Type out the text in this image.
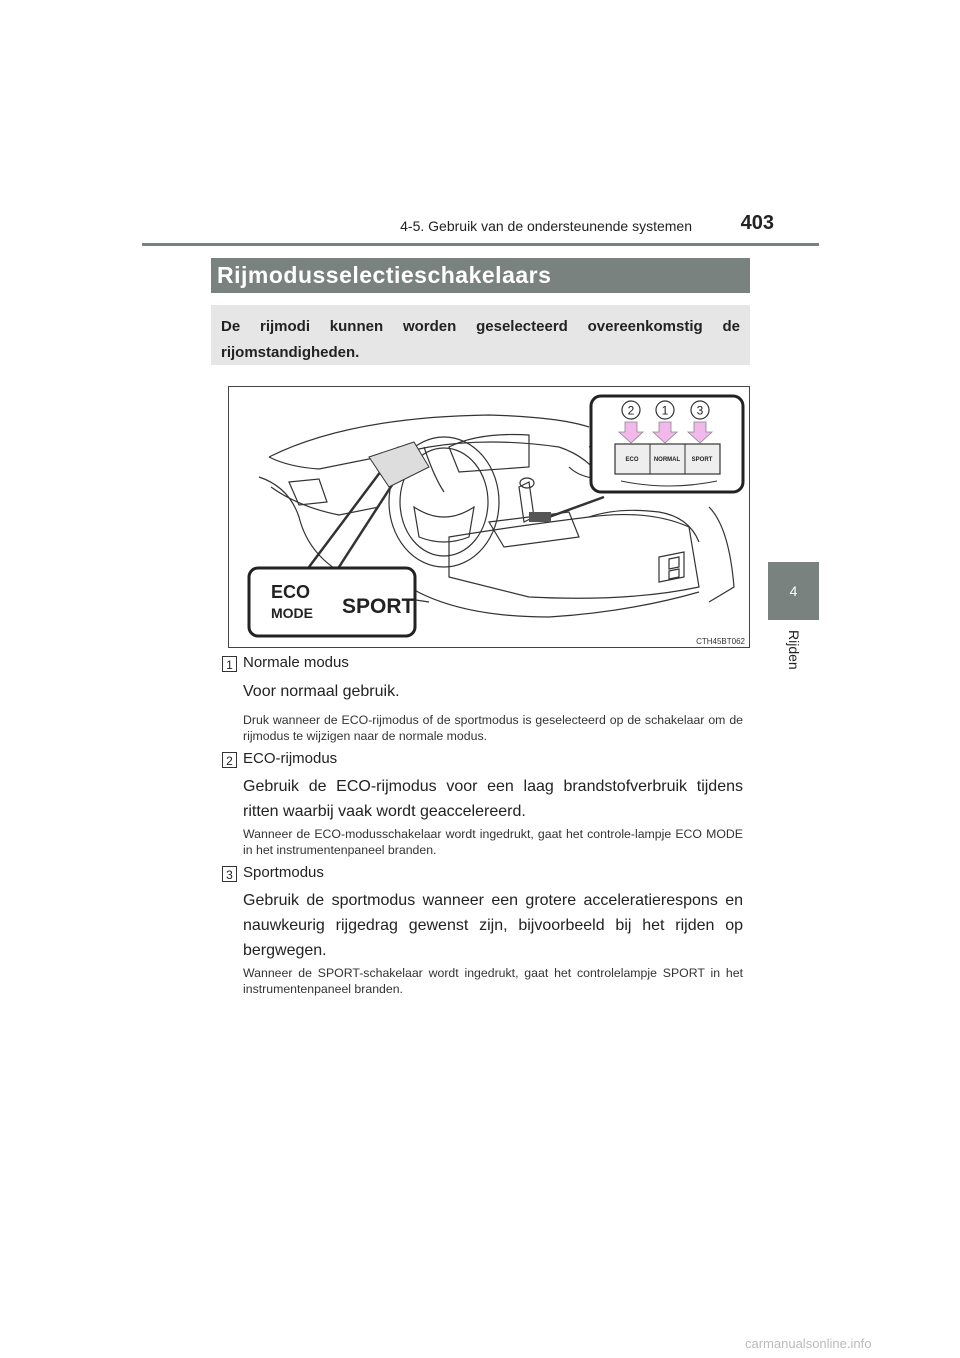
4-5. Gebruik van de ondersteunende systemen	403
4
Rijden
Rijmodusselectieschakelaars
De rijmodi kunnen worden geselecteerd overeenkomstig de rijomstandigheden.
2 1 3
ECO	NORMAL SPORT
ECO
MODE SPORT
CTH45BT062
1 Normale modus
Voor normaal gebruik.
Druk wanneer de ECO-rijmodus of de sportmodus is geselecteerd op de schakelaar om de rijmodus te wijzigen naar de normale modus.
2 ECO-rijmodus
Gebruik de ECO-rijmodus voor een laag brandstofverbruik tijdens ritten waarbij vaak wordt geaccelereerd.
Wanneer de ECO-modusschakelaar wordt ingedrukt, gaat het controle-lampje ECO MODE in het instrumentenpaneel branden.
3 Sportmodus
Gebruik de sportmodus wanneer een grotere acceleratierespons en nauwkeurig rijgedrag gewenst zijn, bijvoorbeeld bij het rijden op bergwegen.
Wanneer de SPORT-schakelaar wordt ingedrukt, gaat het controlelampje SPORT in het instrumentenpaneel branden.
carmanualsonline.info
